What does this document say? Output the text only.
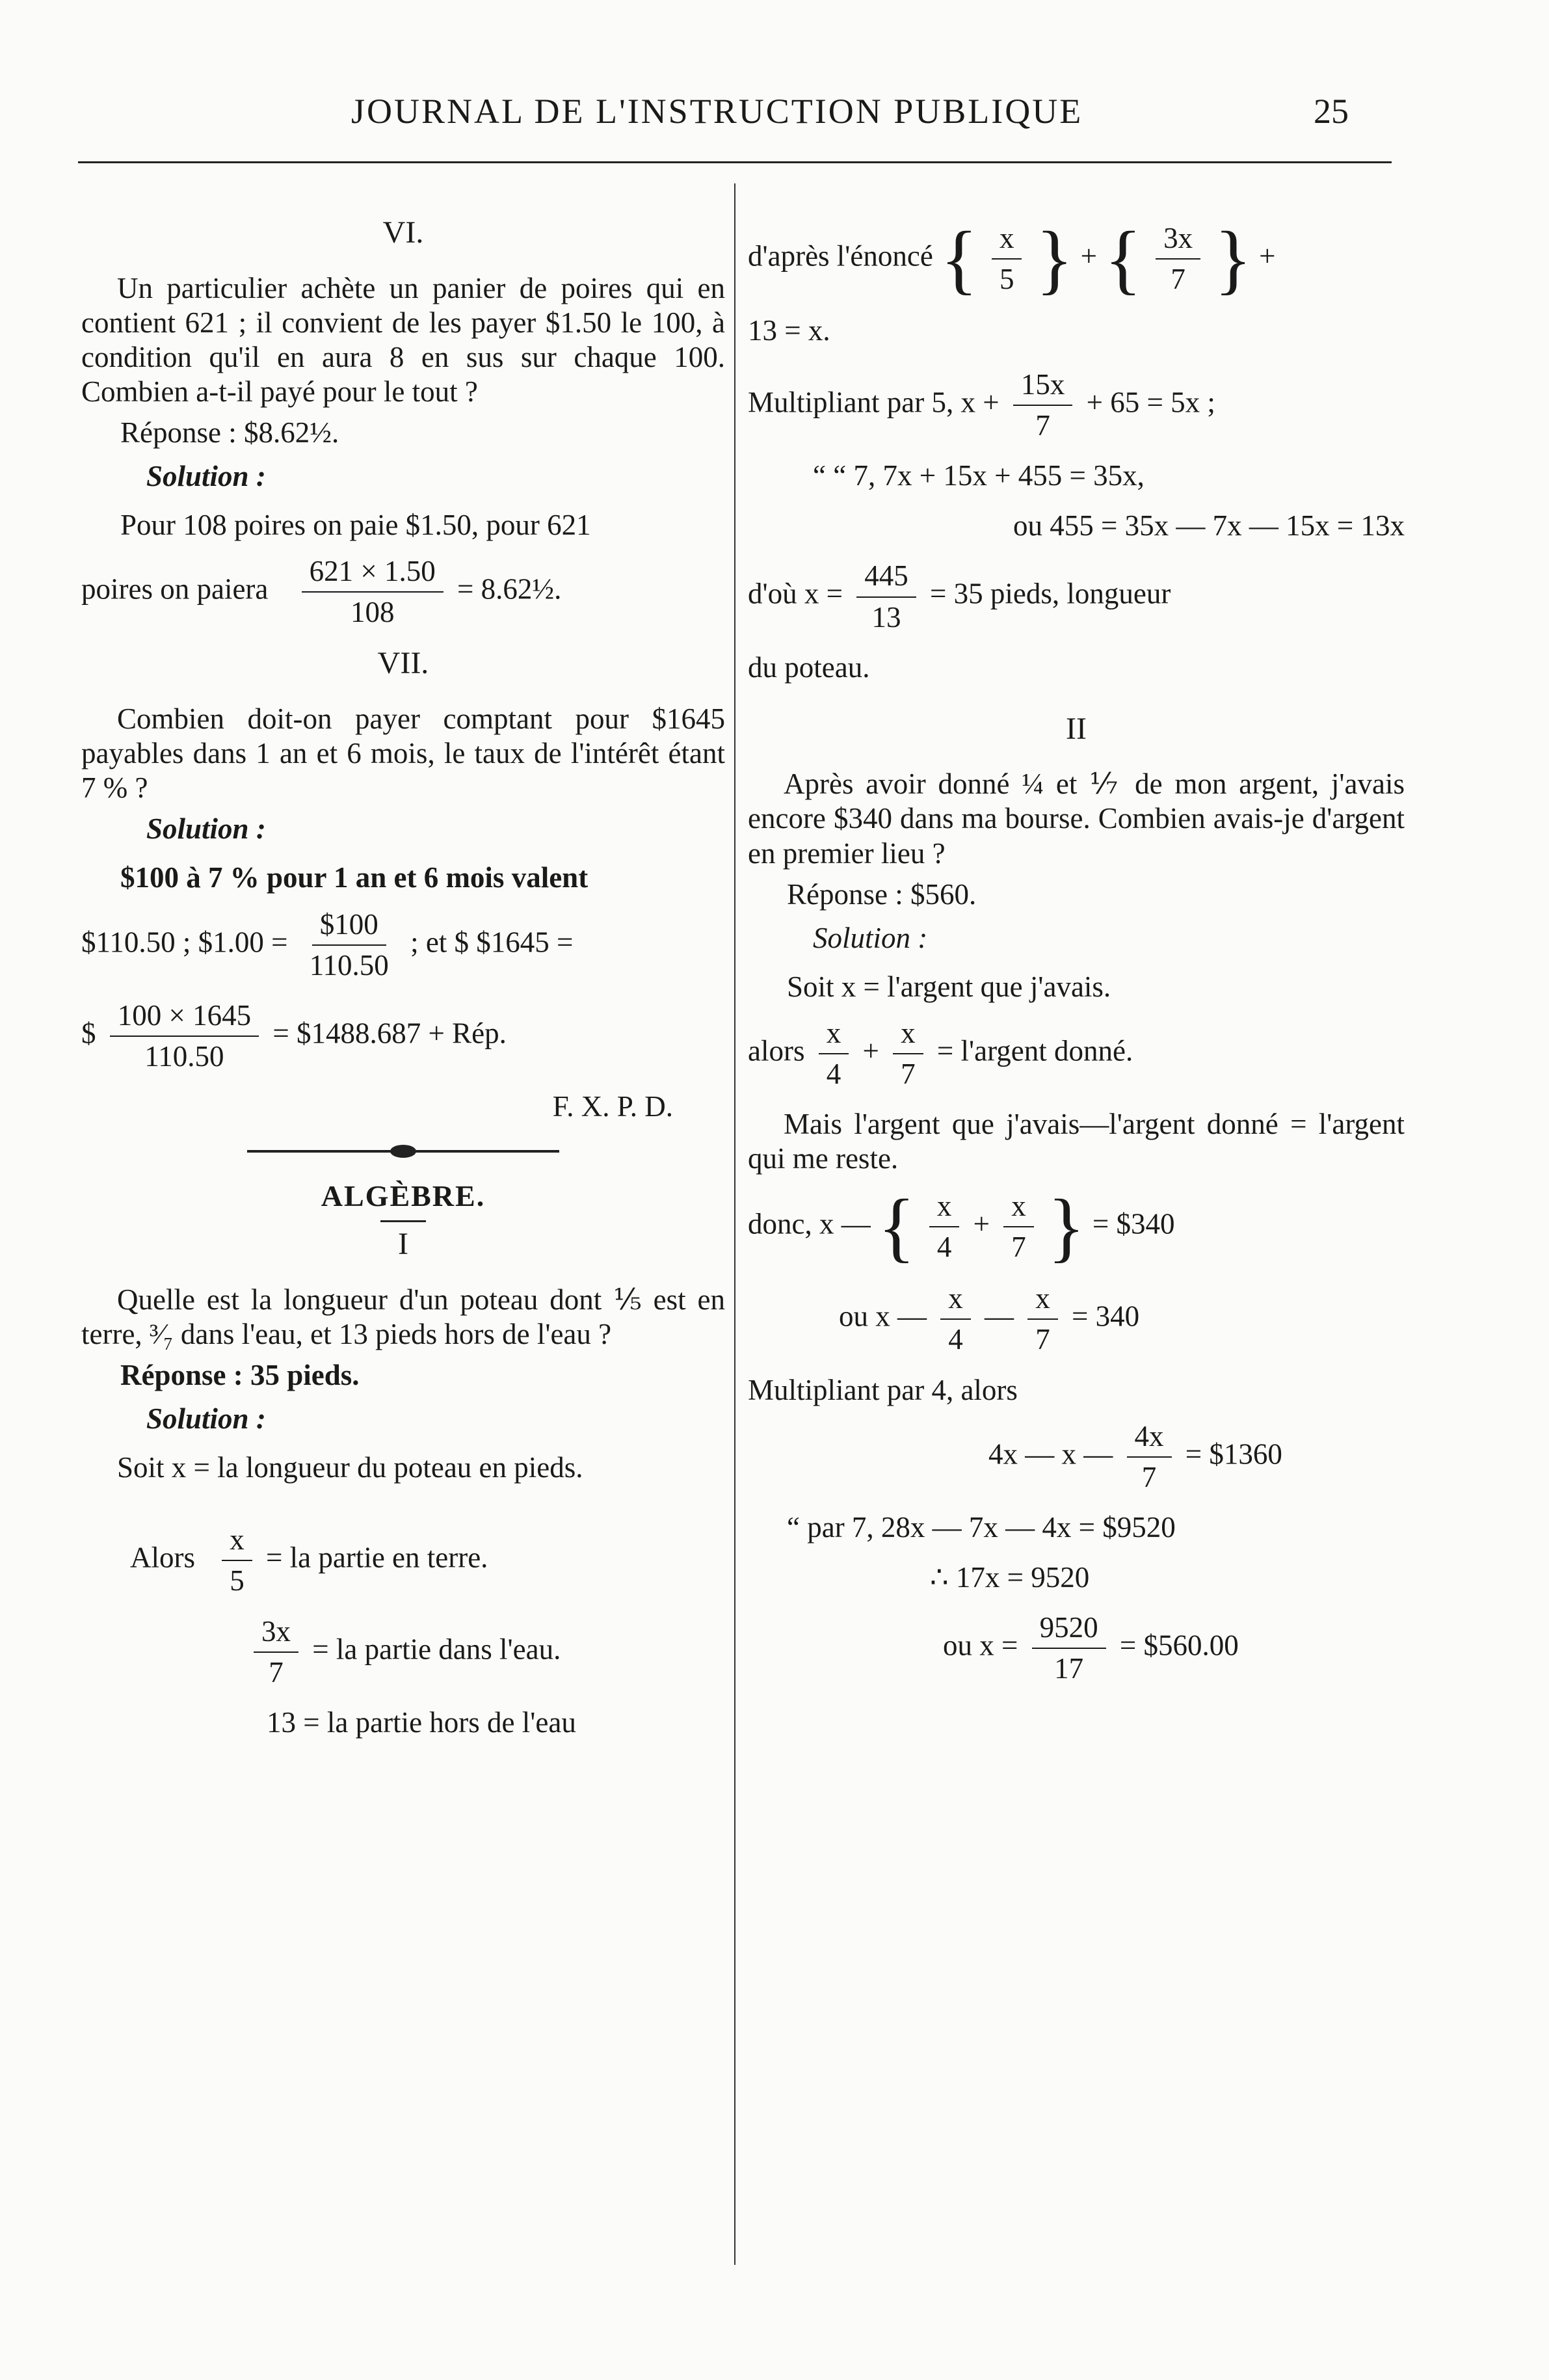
JOURNAL DE L'INSTRUCTION PUBLIQUE	25
VI.

Un particulier achète un panier de poires qui en contient 621 ; il convient de les payer $1.50 le 100, à condition qu'il en aura 8 en sus sur chaque 100. Combien a-t-il payé pour le tout ?

Réponse : $8.62½.
Solution :
Pour 108 poires on paie $1.50, pour 621
poires on paiera $\frac{621 \times 1.50}{108}$ = 8.62½.
VII.

Combien doit-on payer comptant pour $1645 payables dans 1 an et 6 mois, le taux de l'intérêt étant 7 % ?

Solution :
$100 à 7 % pour 1 an et 6 mois valent
$110.50 ; $1.00 = $\frac{\$100}{110.50}$ ; et $ $1645 =
$ $\frac{100 \times 1645}{110.50}$ = $1488.687 + Rép.
F. X. P. D.
ALGÈBRE.
I

Quelle est la longueur d'un poteau dont ⅕ est en terre, ³⁄₇ dans l'eau, et 13 pieds hors de l'eau ?

Réponse : 35 pieds.
Solution :

Soit x = la longueur du poteau en pieds.

Alors $\frac{x}{5}$ = la partie en terre.
$\frac{3x}{7}$ = la partie dans l'eau.
13 = la partie hors de l'eau
d'après l'énoncé { $\frac{x}{5}$ } + { $\frac{3x}{7}$ } +
13 = x.
Multipliant par 5, $x + \frac{15x}{7} + 65 = 5x$ ;
“ “ 7, 7x + 15x + 455 = 35x,
ou 455 = 35x — 7x — 15x = 13x
d'où $x = \frac{445}{13} = 35$ pieds, longueur
du poteau.
II

Après avoir donné ¼ et ⅐ de mon argent, j'avais encore $340 dans ma bourse. Combien avais-je d'argent en premier lieu ?

Réponse : $560.
Solution :
Soit x = l'argent que j'avais.
alors $\frac{x}{4} + \frac{x}{7}$ = l'argent donné.

Mais l'argent que j'avais—l'argent donné = l'argent qui me reste.

donc, x — { $\frac{x}{4} + \frac{x}{7}$ } = $340
ou x — $\frac{x}{4}$ — $\frac{x}{7} = 340$
Multipliant par 4, alors
4x — x — $\frac{4x}{7}$ = $1360
“ par 7, 28x — 7x — 4x = $9520
∴ 17x = 9520
ou $x = \frac{9520}{17}$ = $560.00
